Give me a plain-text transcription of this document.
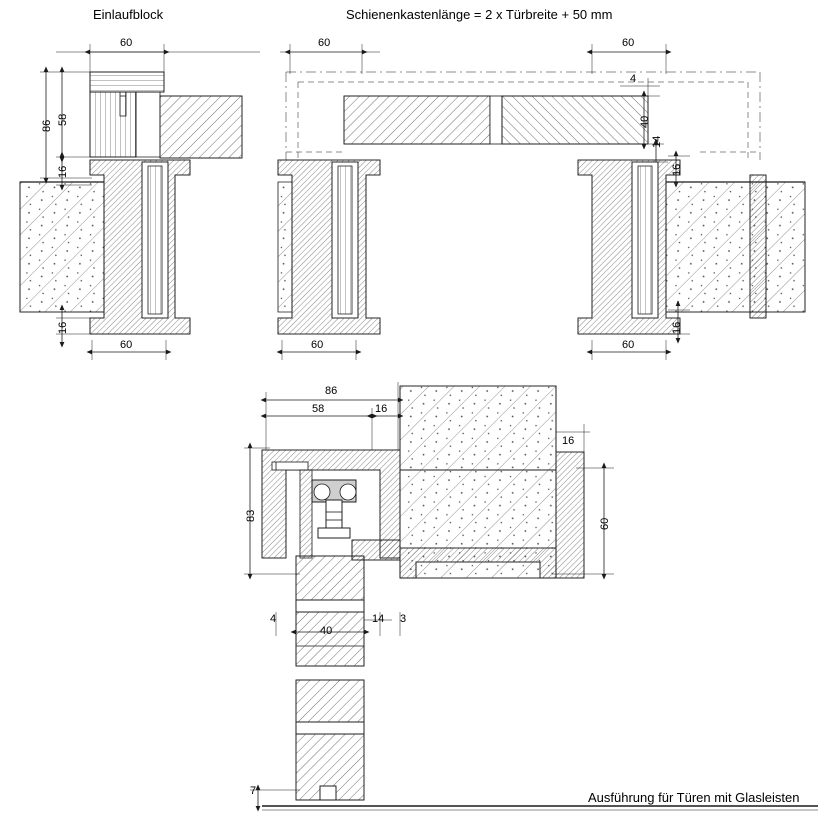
Einlaufblock	Schienenkastenlänge = 2 x Türbreite + 50 mm
Ausführung für Türen mit Glasleisten
60
86 58
16
16
60
60
60
60
4
40
14
16
16
60
86
58	16
16
83
60
4
40
14 3
7
